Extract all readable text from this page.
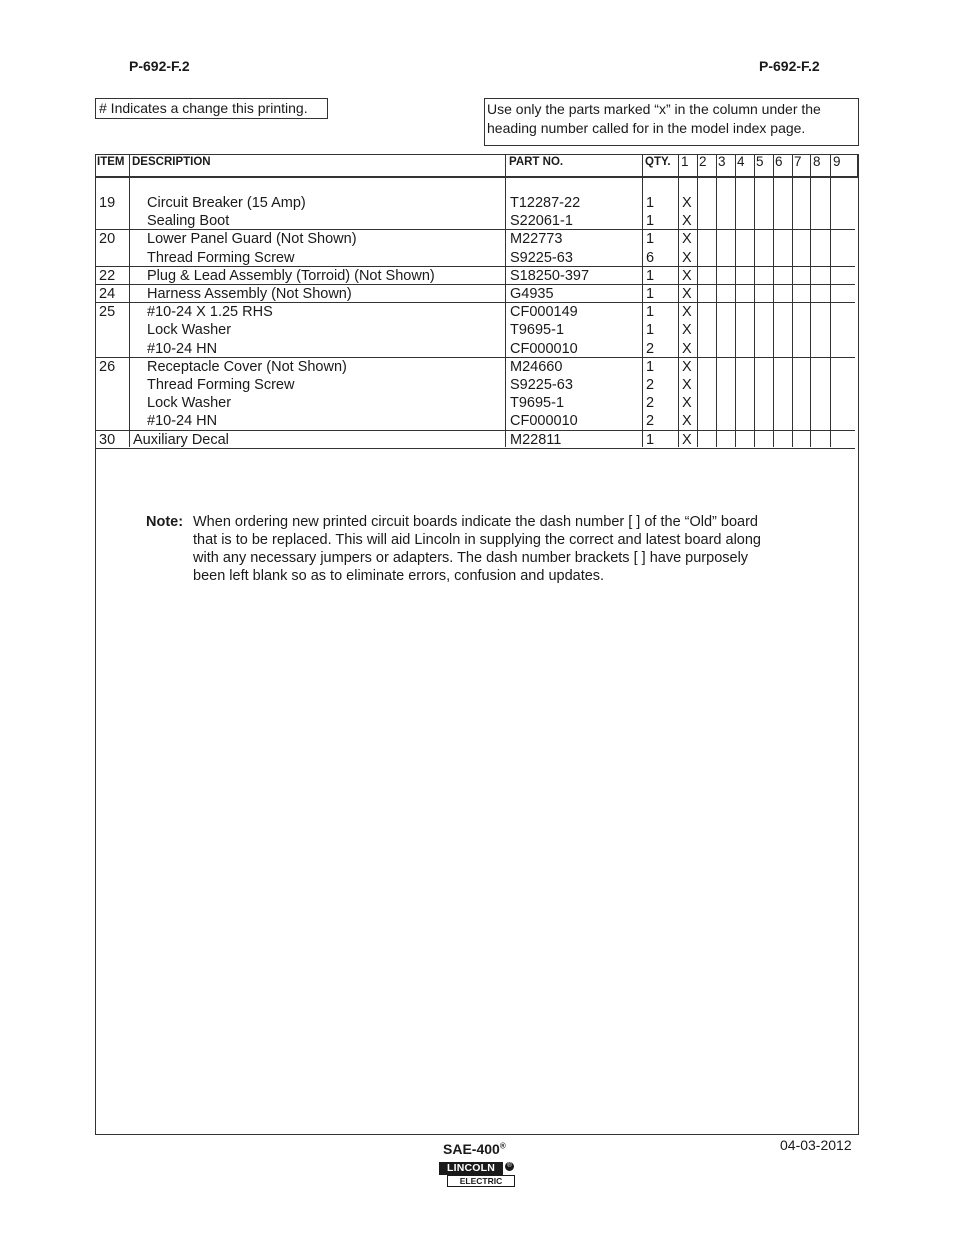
P-692-F.2	P-692-F.2
# Indicates a change this printing.	Use only the parts marked “x” in the column under the
heading number called for in the model index page.
ITEM DESCRIPTION	PART NO.	QTY. 1 2 3 4 5 6 7 8 9
19 Circuit Breaker (15 Amp)	T12287-22	1 X
Sealing Boot	S22061-1	1 X
20 Lower Panel Guard (Not Shown)	M22773	1 X
Thread Forming Screw	S9225-63	6 X
22 Plug & Lead Assembly (Torroid) (Not Shown)	S18250-397	1 X
24 Harness Assembly (Not Shown)	G4935	1 X
25 #10-24 X 1.25 RHS	CF000149	1 X
Lock Washer	T9695-1	1 X
#10-24 HN	CF000010	2 X
26 Receptacle Cover (Not Shown)	M24660	1 X
Thread Forming Screw	S9225-63	2 X
Lock Washer	T9695-1	2 X
#10-24 HN	CF000010	2 X
30 Auxiliary Decal	M22811	1 X
Note: When ordering new printed circuit boards indicate the dash number [ ] of the “Old” board
that is to be replaced. This will aid Lincoln in supplying the correct and latest board along
with any necessary jumpers or adapters. The dash number brackets [ ] have purposely
been left blank so as to eliminate errors, confusion and updates.
SAE-400®	04-03-2012
LINCOLN	®
ELECTRIC
